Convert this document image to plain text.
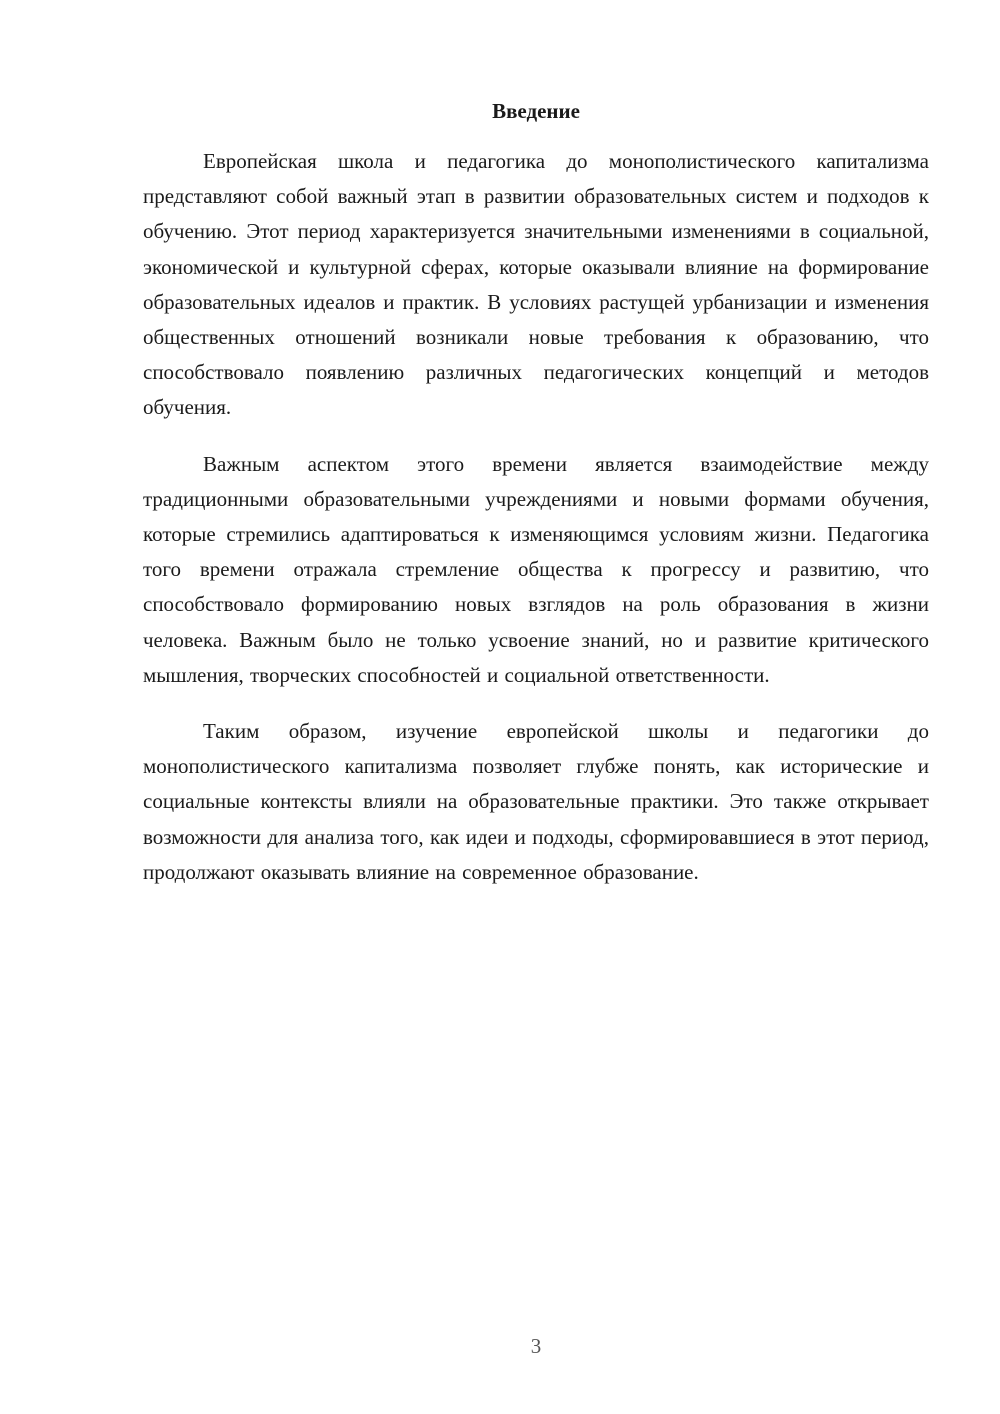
Введение

Европейская школа и педагогика до монополистического капитализма представляют собой важный этап в развитии образовательных систем и подходов к обучению. Этот период характеризуется значительными изменениями в социальной, экономической и культурной сферах, которые оказывали влияние на формирование образовательных идеалов и практик. В условиях растущей урбанизации и изменения общественных отношений возникали новые требования к образованию, что способствовало появлению различных педагогических концепций и методов обучения.

Важным аспектом этого времени является взаимодействие между традиционными образовательными учреждениями и новыми формами обучения, которые стремились адаптироваться к изменяющимся условиям жизни. Педагогика того времени отражала стремление общества к прогрессу и развитию, что способствовало формированию новых взглядов на роль образования в жизни человека. Важным было не только усвоение знаний, но и развитие критического мышления, творческих способностей и социальной ответственности.

Таким образом, изучение европейской школы и педагогики до монополистического капитализма позволяет глубже понять, как исторические и социальные контексты влияли на образовательные практики. Это также открывает возможности для анализа того, как идеи и подходы, сформировавшиеся в этот период, продолжают оказывать влияние на современное образование.

3
